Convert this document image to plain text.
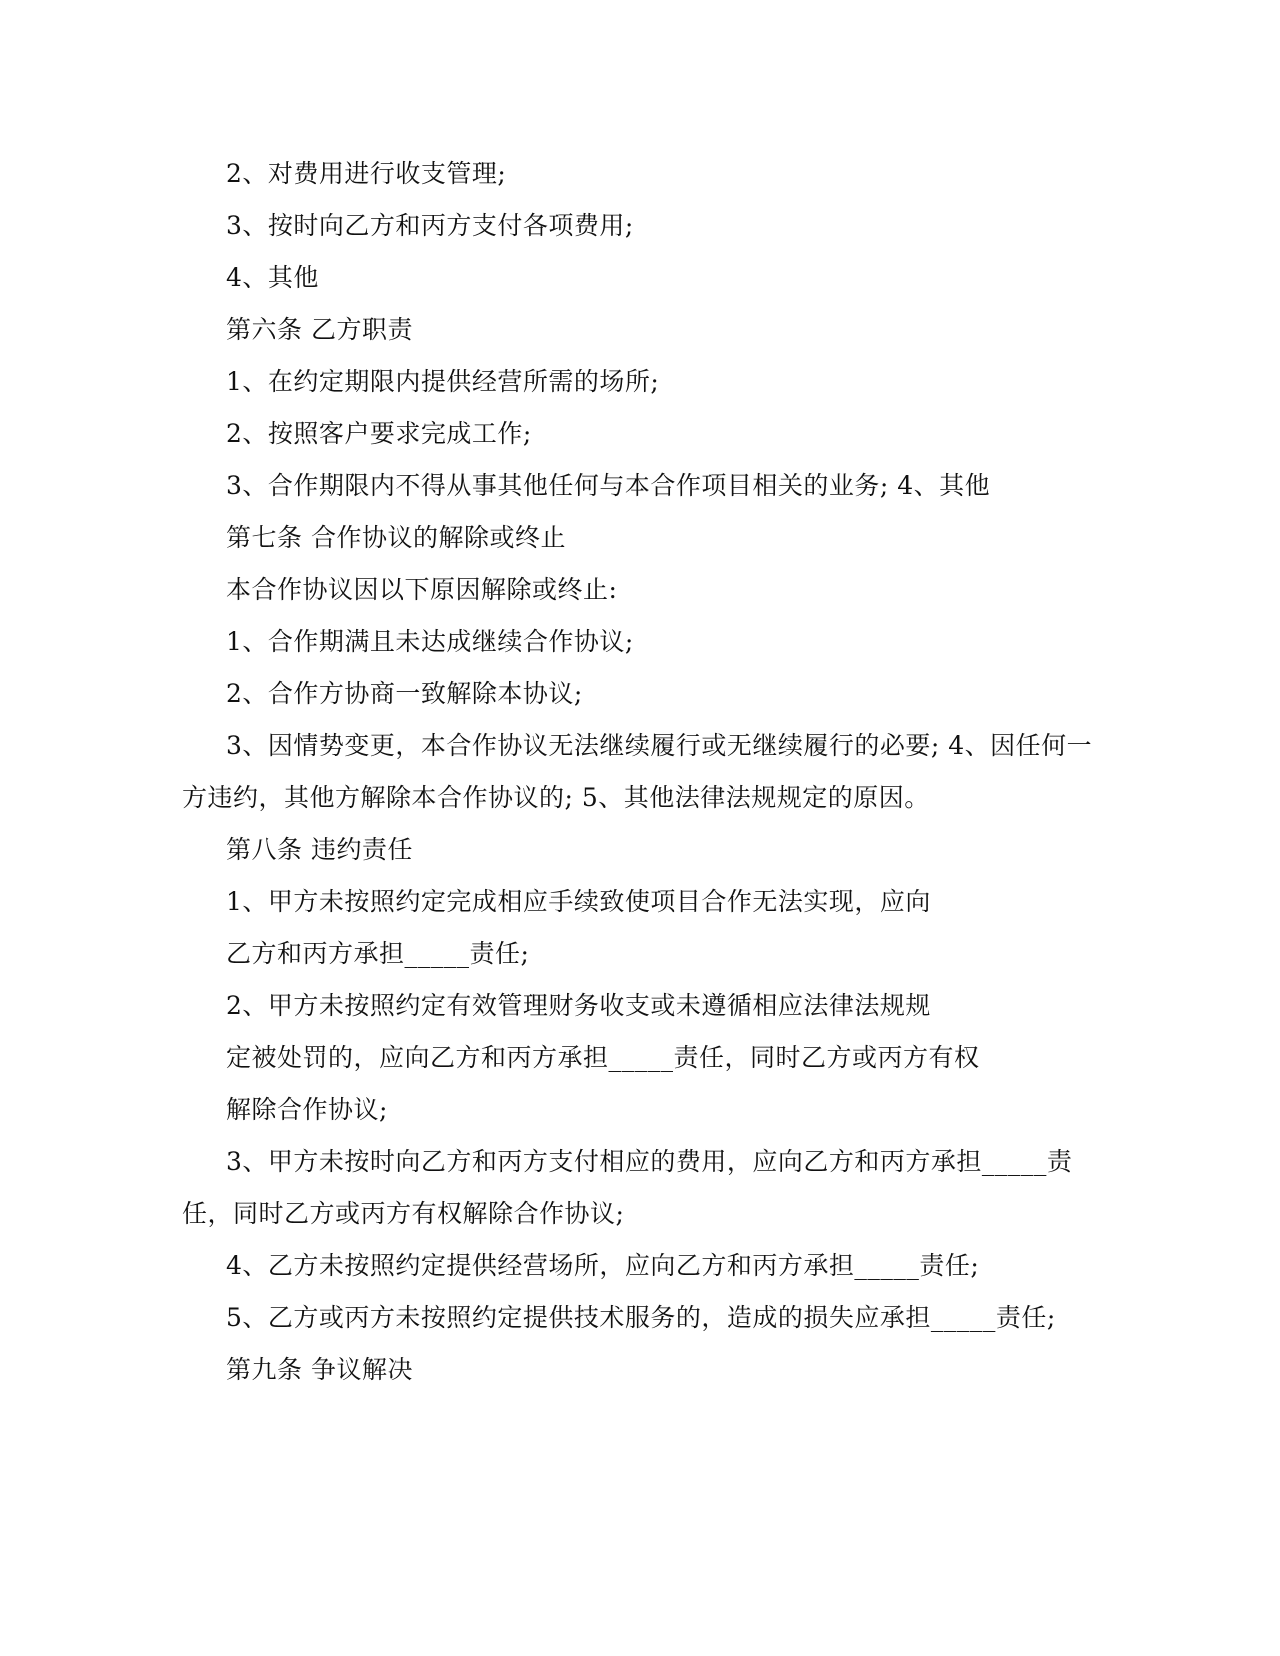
2、对费用进行收支管理;
3、按时向乙方和丙方支付各项费用;
4、其他
第六条 乙方职责
1、在约定期限内提供经营所需的场所;
2、按照客户要求完成工作;
3、合作期限内不得从事其他任何与本合作项目相关的业务; 4、其他
第七条 合作协议的解除或终止
本合作协议因以下原因解除或终止:
1、合作期满且未达成继续合作协议;
2、合作方协商一致解除本协议;
3、因情势变更，本合作协议无法继续履行或无继续履行的必要; 4、因任何一
方违约，其他方解除本合作协议的; 5、其他法律法规规定的原因。
第八条 违约责任
1、甲方未按照约定完成相应手续致使项目合作无法实现，应向
乙方和丙方承担_____责任;
2、甲方未按照约定有效管理财务收支或未遵循相应法律法规规
定被处罚的，应向乙方和丙方承担_____责任，同时乙方或丙方有权
解除合作协议;
3、甲方未按时向乙方和丙方支付相应的费用，应向乙方和丙方承担_____责
任，同时乙方或丙方有权解除合作协议;
4、乙方未按照约定提供经营场所，应向乙方和丙方承担_____责任;
5、乙方或丙方未按照约定提供技术服务的，造成的损失应承担_____责任;
第九条 争议解决
